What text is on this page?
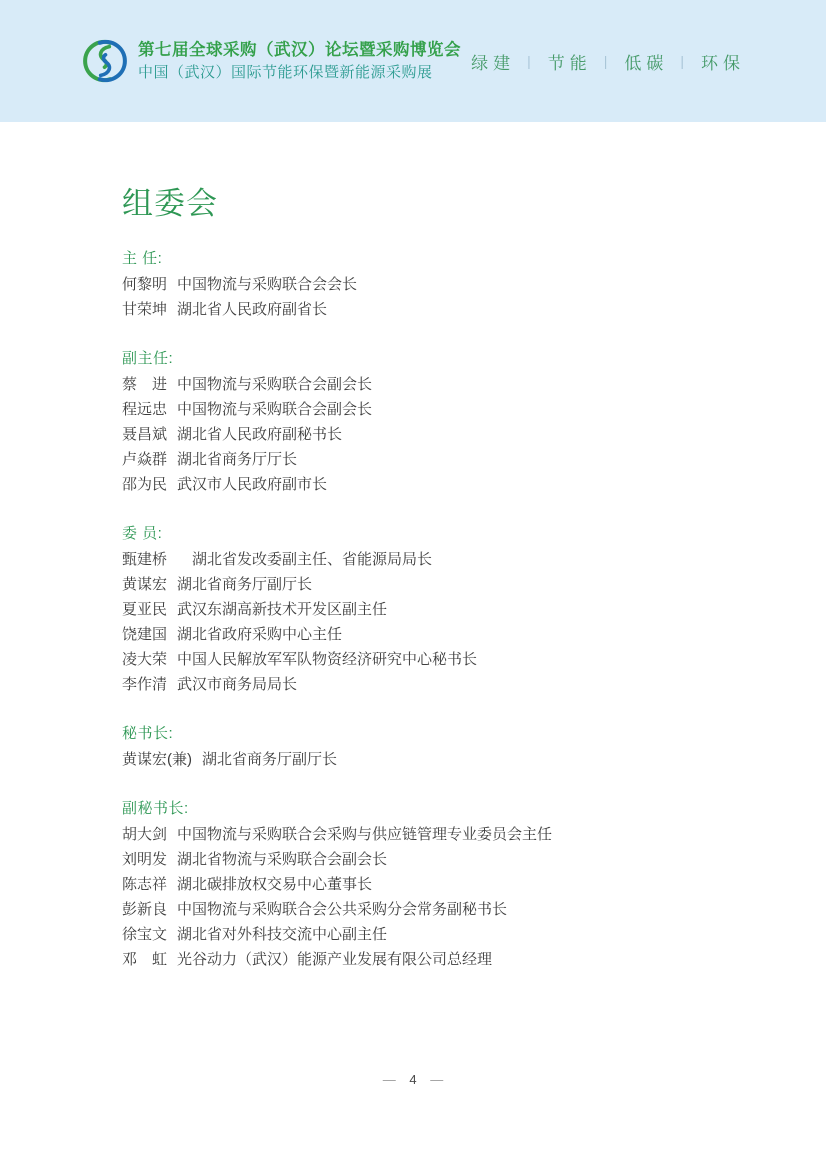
第七届全球采购（武汉）论坛暨采购博览会
中国（武汉）国际节能环保暨新能源采购展	绿建 | 节能 | 低碳 | 环保
组委会
主 任:
何黎明 中国物流与采购联合会会长
甘荣坤 湖北省人民政府副省长
副主任:
蔡　进 中国物流与采购联合会副会长
程远忠 中国物流与采购联合会副会长
聂昌斌 湖北省人民政府副秘书长
卢焱群 湖北省商务厅厅长
邵为民 武汉市人民政府副市长
委 员:
甄建桥 　湖北省发改委副主任、省能源局局长
黄谋宏 湖北省商务厅副厅长
夏亚民 武汉东湖高新技术开发区副主任
饶建国 湖北省政府采购中心主任
凌大荣 中国人民解放军军队物资经济研究中心秘书长
李作清 武汉市商务局局长
秘书长:
黄谋宏(兼) 湖北省商务厅副厅长
副秘书长:
胡大剑 中国物流与采购联合会采购与供应链管理专业委员会主任
刘明发 湖北省物流与采购联合会副会长
陈志祥 湖北碳排放权交易中心董事长
彭新良 中国物流与采购联合会公共采购分会常务副秘书长
徐宝文 湖北省对外科技交流中心副主任
邓　虹 光谷动力（武汉）能源产业发展有限公司总经理
— 4 —
